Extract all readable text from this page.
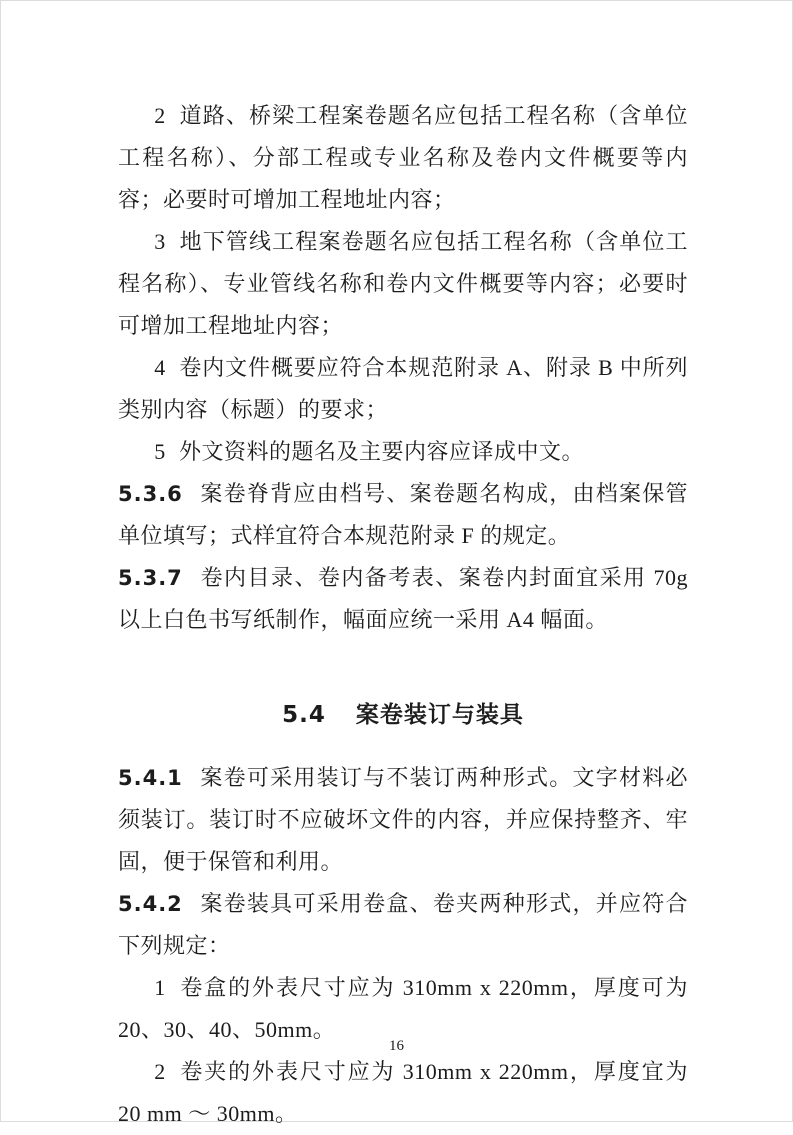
2 道路、桥梁工程案卷题名应包括工程名称（含单位工程名称）、分部工程或专业名称及卷内文件概要等内容；必要时可增加工程地址内容；

3 地下管线工程案卷题名应包括工程名称（含单位工程名称）、专业管线名称和卷内文件概要等内容；必要时可增加工程地址内容；

4 卷内文件概要应符合本规范附录 A、附录 B 中所列类别内容（标题）的要求；

5 外文资料的题名及主要内容应译成中文。

5.3.6 案卷脊背应由档号、案卷题名构成，由档案保管单位填写；式样宜符合本规范附录 F 的规定。

5.3.7 卷内目录、卷内备考表、案卷内封面宜采用 70g 以上白色书写纸制作，幅面应统一采用 A4 幅面。

5.4 案卷装订与装具

5.4.1 案卷可采用装订与不装订两种形式。文字材料必须装订。装订时不应破坏文件的内容，并应保持整齐、牢固，便于保管和利用。

5.4.2 案卷装具可采用卷盒、卷夹两种形式，并应符合下列规定：

1 卷盒的外表尺寸应为 310mm x 220mm，厚度可为 20、30、40、50mm。

2 卷夹的外表尺寸应为 310mm x 220mm，厚度宜为 20 mm ～ 30mm。

16
